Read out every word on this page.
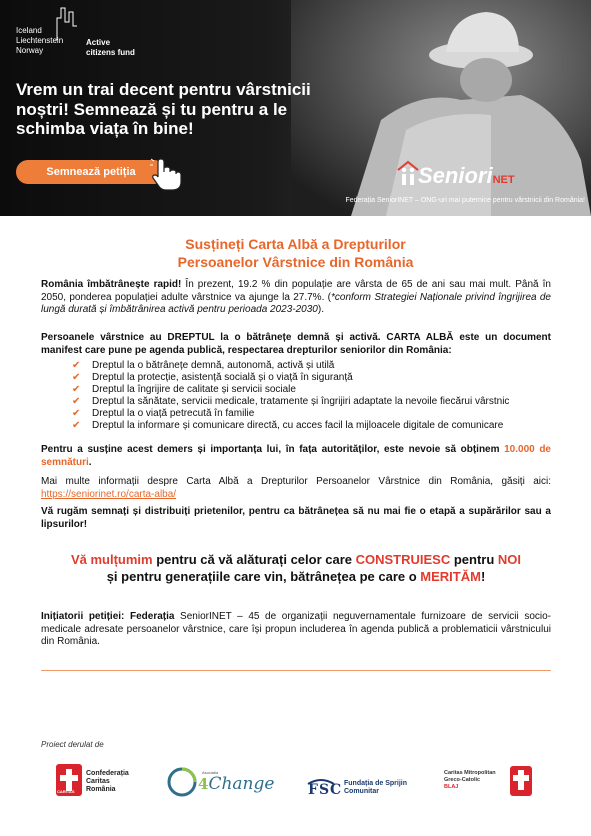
Iceland
Liechtenstein
Norway
Active
citizens fund
Vrem un trai decent pentru vârstnicii noștri! Semnează și tu pentru a le schimba viața în bine!
Semnează petiția	SenioriNET
Federația SeniorINET – ONG-uri mai puternice pentru vârstnicii din România!
Susțineți Carta Albă a Drepturilor
Persoanelor Vârstnice din România
România îmbătrânește rapid! În prezent, 19.2 % din populație are vârsta de 65 de ani sau mai mult. Până în 2050, ponderea populației adulte vârstnice va ajunge la 27.7%. (*conform Strategiei Naționale privind îngrijirea de lungă durată și îmbătrânirea activă pentru perioada 2023-2030).
Persoanele vârstnice au DREPTUL la o bătrânețe demnă și activă. CARTA ALBĂ este un document manifest care pune pe agenda publică, respectarea drepturilor seniorilor din România:
✔ Dreptul la o bătrânețe demnă, autonomă, activă și utilă
✔ Dreptul la protecție, asistență socială și o viață în siguranță
✔ Dreptul la îngrijire de calitate și servicii sociale
✔ Dreptul la sănătate, servicii medicale, tratamente și îngrijiri adaptate la nevoile fiecărui vârstnic
✔ Dreptul la o viață petrecută în familie
✔ Dreptul la informare și comunicare directă, cu acces facil la mijloacele digitale de comunicare
Pentru a susține acest demers și importanța lui, în fața autorităților, este nevoie să obținem 10.000 de semnături.
Mai multe informații despre Carta Albă a Drepturilor Persoanelor Vârstnice din România, găsiți aici: https://seniorinet.ro/carta-alba/
Vă rugăm semnați și distribuiți prietenilor, pentru ca bătrânețea să nu mai fie o etapă a supărărilor sau a lipsurilor!
Vă mulțumim pentru că vă alăturați celor care CONSTRUIESC pentru NOI
și pentru generațiile care vin, bătrânețea pe care o MERITĂM!
Inițiatorii petiției: Federația SeniorINET – 45 de organizații neguvernamentale furnizoare de servicii socio-medicale adresate persoanelor vârstnice, care își propun includerea în agenda publică a problematicii vârstnicului din România.
Proiect derulat de
CARITAS
Confederația Caritas România
Asociatia
4Change FSC Fundația de Sprijin Comunitar
Caritas Mitropolitan
Greco-Catolic
BLAJ
